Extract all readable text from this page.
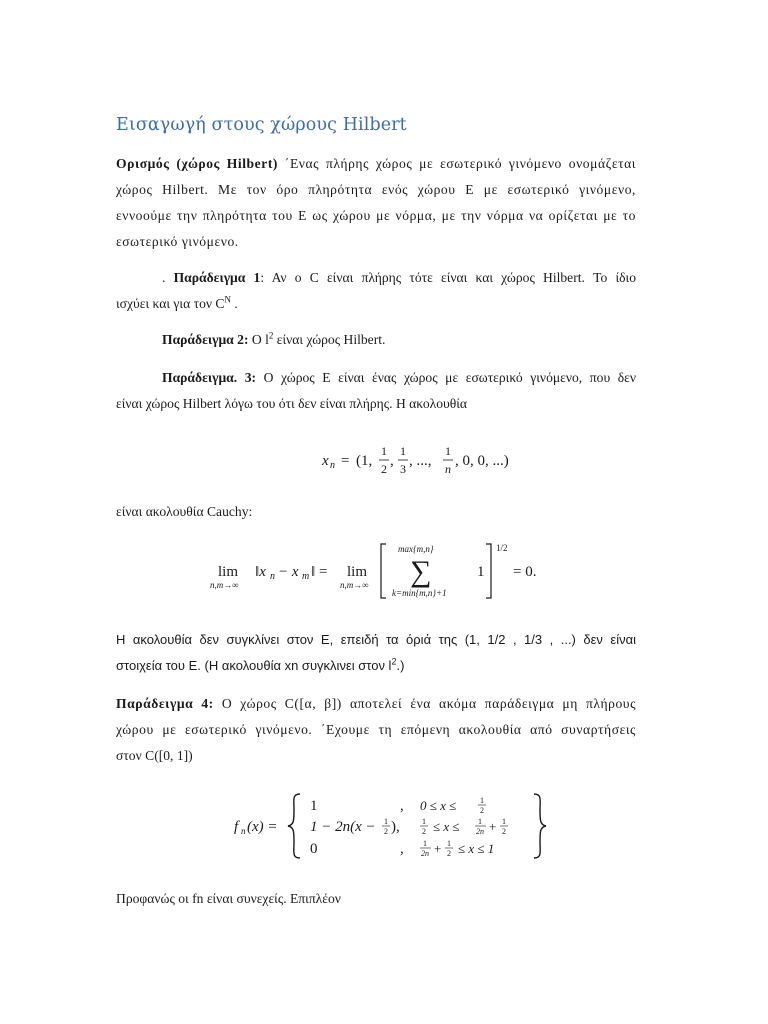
Εισαγωγή στους χώρους Hilbert
Ορισμός (χώρος Hilbert) ΄Ενας πλήρης χώρος με εσωτερικό γινόμενο ονομάζεται
χώρος Hilbert. Με τον όρο πληρότητα ενός χώρου Ε με εσωτερικό γινόμενο,
εννοούμε την πληρότητα του Ε ως χώρου με νόρμα, με την νόρμα να ορίζεται με το
εσωτερικό γινόμενο.
. Παράδειγμα 1: Αν ο C είναι πλήρης τότε είναι και χώρος Hilbert. Το ίδιο
ισχύει και για τον $C^N$ .
Παράδειγμα 2: O $l^2$ είναι χώρος Hilbert.
Παράδειγμα. 3: Ο χώρος Ε είναι ένας χώρος με εσωτερικό γινόμενο, που δεν
είναι χώρος Hilbert λόγω του ότι δεν είναι πλήρης. Η ακολουθία
x n = (1,
1
2 ,
1
3 , ...,
1
n , 0, 0, ...)
είναι ακολουθία Cauchy:
lim
n,m→∞
‖x n − x m ‖ = lim
n,m→∞
max{m,n}
∑
k=min{m,n}+1
1
1/2
= 0.
Η ακολουθία δεν συγκλίνει στον Ε, επειδή τα όριά της (1, 1/2 , 1/3 , ...) δεν είναι
στοιχεία του Ε. (Η ακολουθία xn συγκλινει στον $l^2$.)
Παράδειγμα 4: Ο χώρος C([α, β]) αποτελεί ένα ακόμα παράδειγμα μη πλήρους
χώρου με εσωτερικό γινόμενο. ΄Εχουμε τη επόμενη ακολουθία από συναρτήσεις
στον C([0, 1])
f n (x) =
1	, 0 ≤ x ≤	1
2
1 − 2n(x − 1
2 ),	1
2 ≤ x ≤ 1
2n + 1
2
0	, 1
2n + 1
2 ≤ x ≤ 1
Προφανώς οι fn είναι συνεχείς. Επιπλέον
